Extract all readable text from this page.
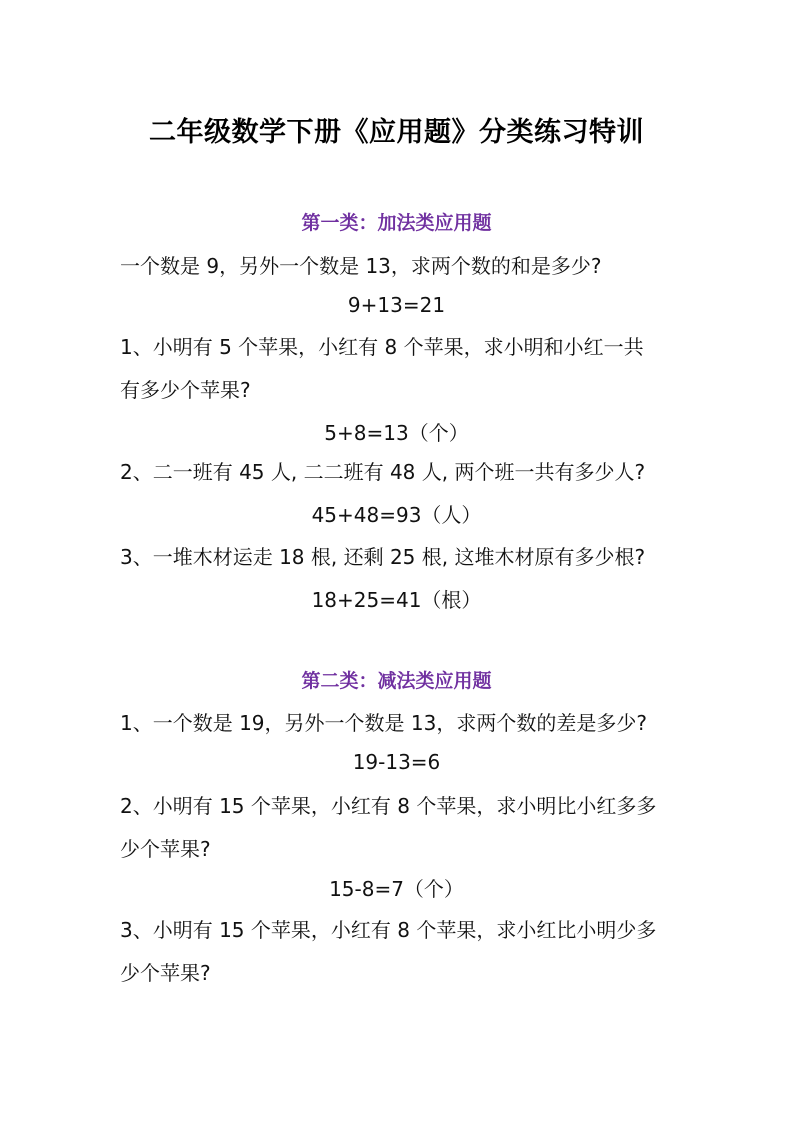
二年级数学下册《应用题》分类练习特训
第一类：加法类应用题
一个数是 9，另外一个数是 13，求两个数的和是多少?
9+13=21
1、小明有 5 个苹果，小红有 8 个苹果，求小明和小红一共
有多少个苹果?
5+8=13（个）
2、二一班有 45 人, 二二班有 48 人, 两个班一共有多少人?
45+48=93（人）
3、一堆木材运走 18 根, 还剩 25 根, 这堆木材原有多少根?
18+25=41（根）
第二类：减法类应用题
1、一个数是 19，另外一个数是 13，求两个数的差是多少?
19-13=6
2、小明有 15 个苹果，小红有 8 个苹果，求小明比小红多多
少个苹果?
15-8=7（个）
3、小明有 15 个苹果，小红有 8 个苹果，求小红比小明少多
少个苹果?
